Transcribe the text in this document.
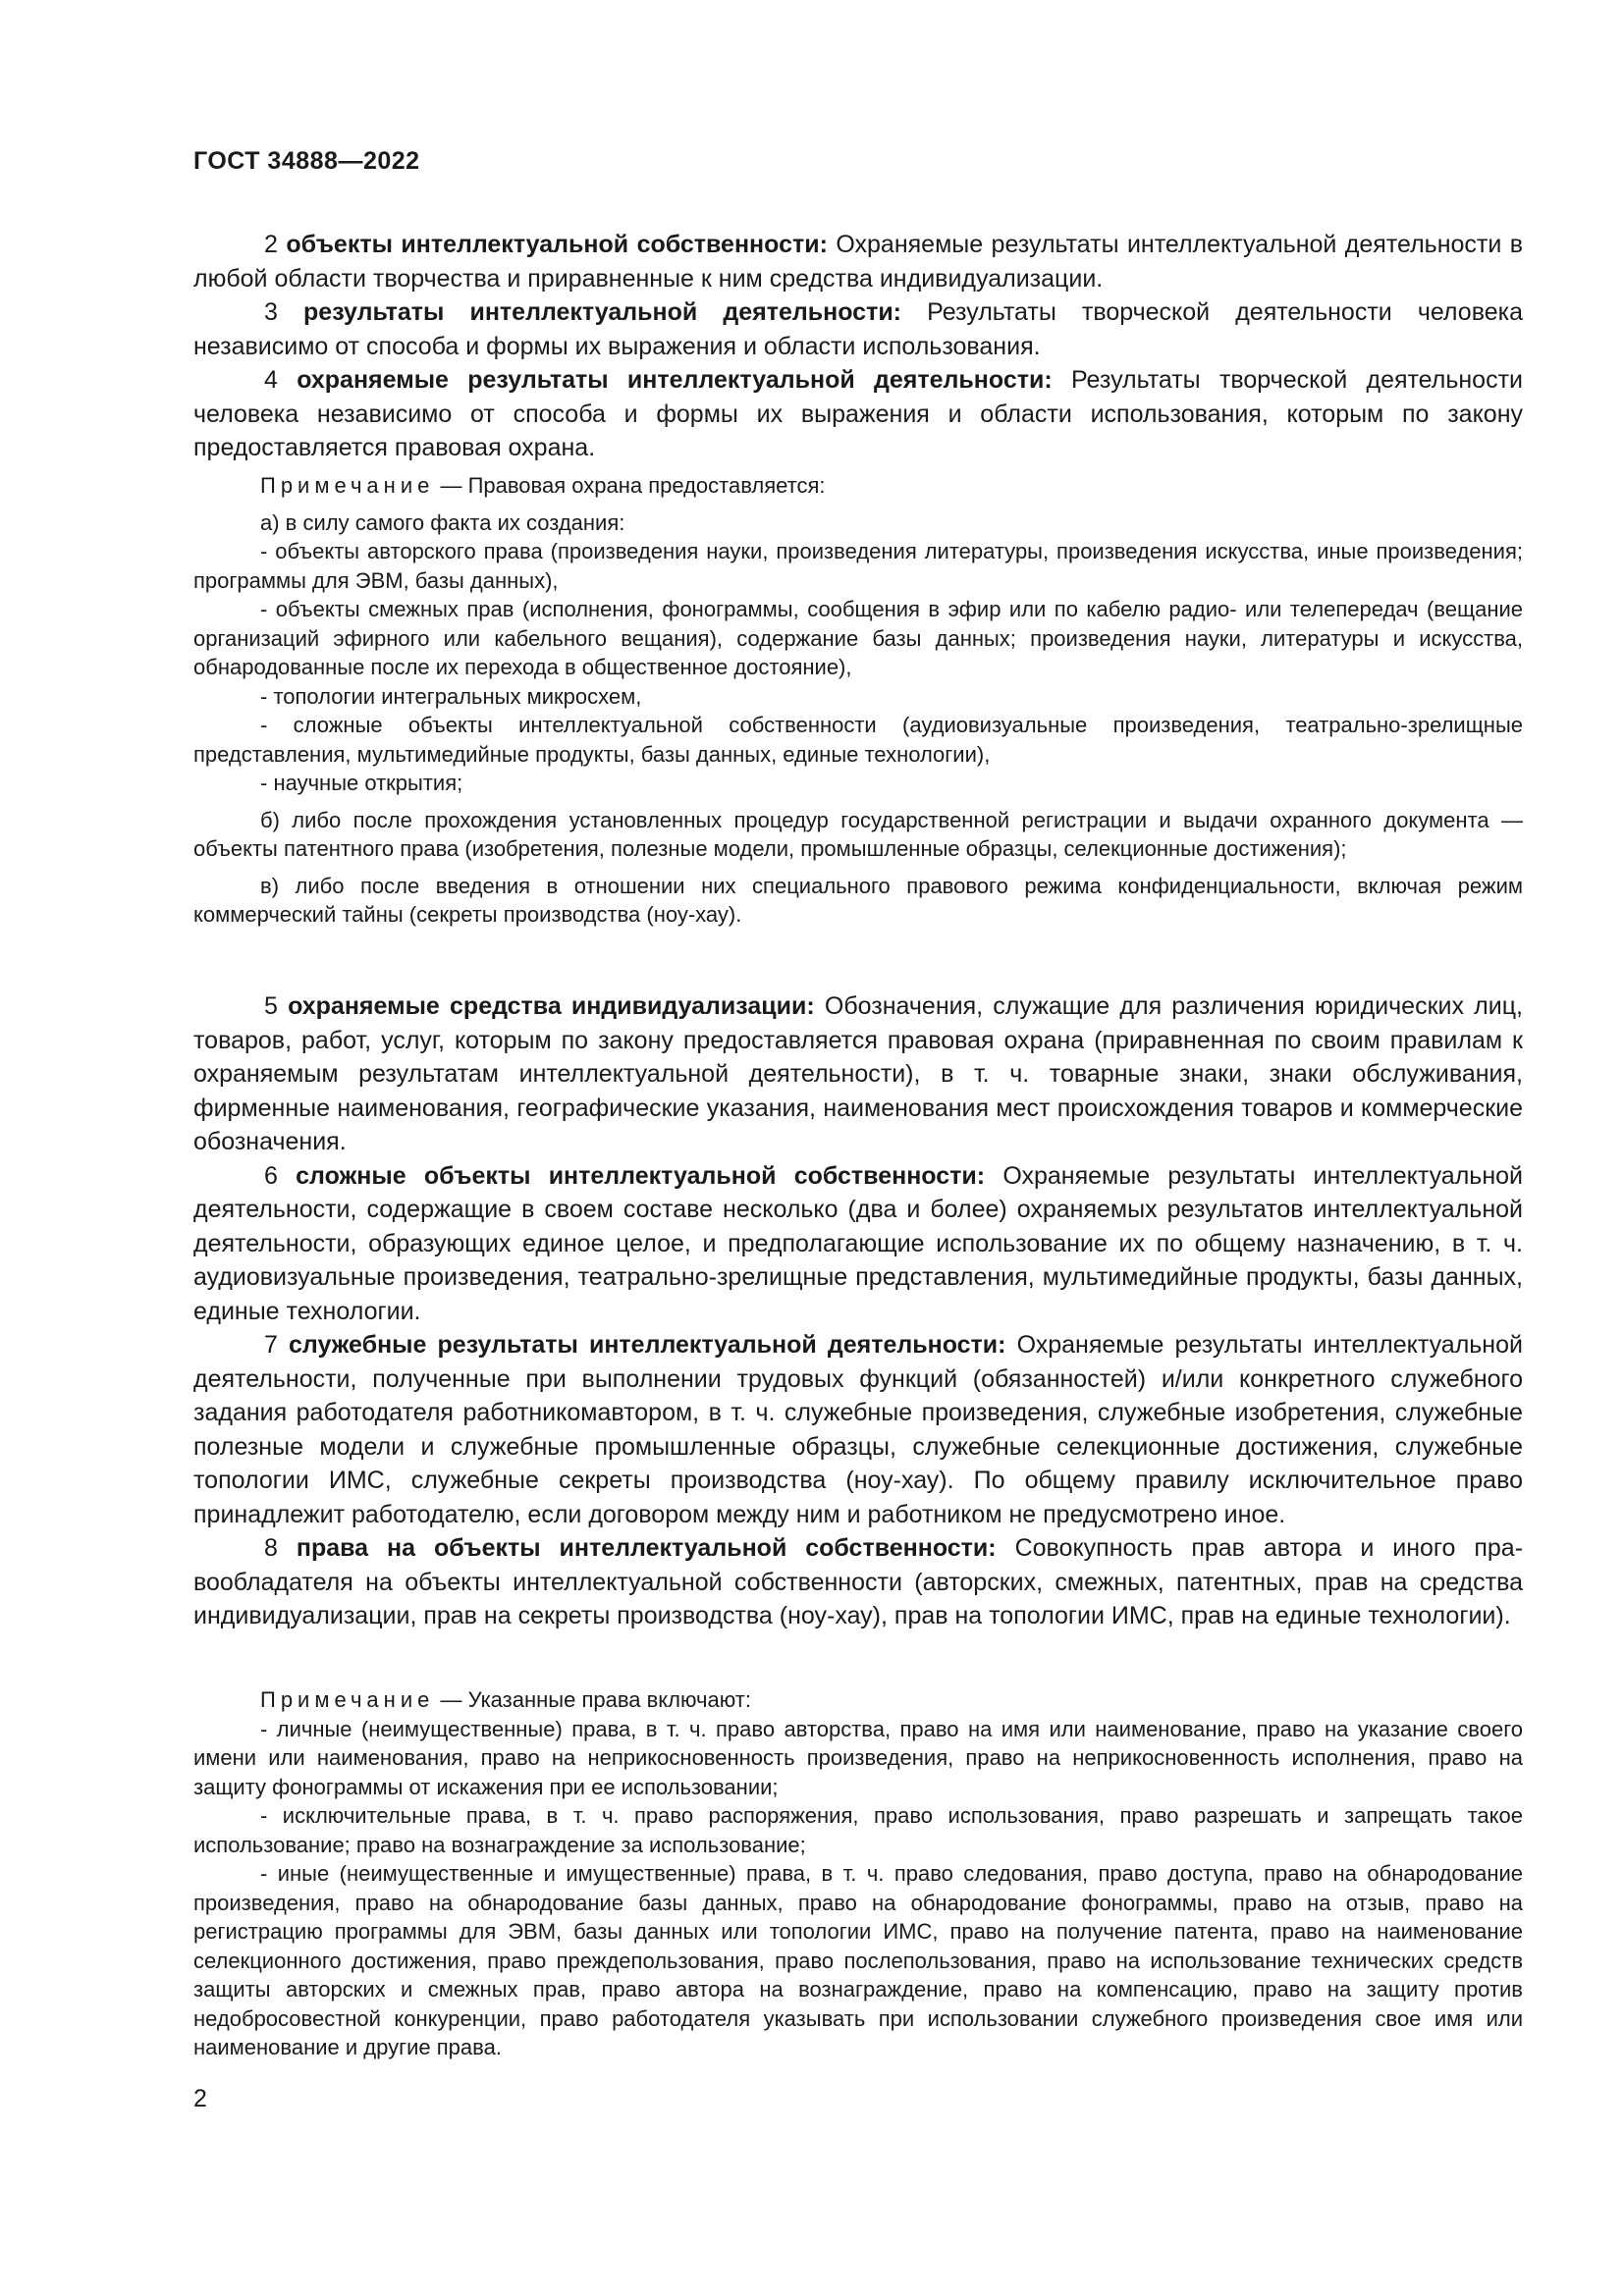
ГОСТ 34888—2022

2 объекты интеллектуальной собственности: Охраняемые результаты интеллектуальной деятельности в любой области творчества и приравненные к ним средства индивидуализации.

3 результаты интеллектуальной деятельности: Результаты творческой деятельности человека независимо от способа и формы их выражения и области использования.

4 охраняемые результаты интеллектуальной деятельности: Результаты творческой деятельности человека независимо от способа и формы их выражения и области использования, которым по закону предоставляется правовая охрана.

Примечание — Правовая охрана предоставляется:

а) в силу самого факта их создания:

- объекты авторского права (произведения науки, произведения литературы, произведения искусства, иные произведения; программы для ЭВМ, базы данных),

- объекты смежных прав (исполнения, фонограммы, сообщения в эфир или по кабелю радио- или телепередач (вещание организаций эфирного или кабельного вещания), содержание базы данных; произведения науки, литературы и искусства, обнародованные после их перехода в общественное достояние),

- топологии интегральных микросхем,

- сложные объекты интеллектуальной собственности (аудиовизуальные произведения, театрально-зрелищные представления, мультимедийные продукты, базы данных, единые технологии),

- научные открытия;

б) либо после прохождения установленных процедур государственной регистрации и выдачи охранного документа — объекты патентного права (изобретения, полезные модели, промышленные образцы, селекционные достижения);

в) либо после введения в отношении них специального правового режима конфиденциальности, включая режим коммерческий тайны (секреты производства (ноу-хау).

5 охраняемые средства индивидуализации: Обозначения, служащие для различения юридических лиц, товаров, работ, услуг, которым по закону предоставляется правовая охрана (приравненная по своим правилам к охраняемым результатам интеллектуальной деятельности), в т. ч. товарные знаки, знаки обслуживания, фирменные наименования, географические указания, наименования мест происхождения товаров и коммерческие обозначения.

6 сложные объекты интеллектуальной собственности: Охраняемые результаты интеллектуальной деятельности, содержащие в своем составе несколько (два и более) охраняемых результатов интеллектуальной деятельности, образующих единое целое, и предполагающие использование их по общему назначению, в т. ч. аудиовизуальные произведения, театрально-зрелищные представления, мультимедийные продукты, базы данных, единые технологии.

7 служебные результаты интеллектуальной деятельности: Охраняемые результаты интеллектуальной деятельности, полученные при выполнении трудовых функций (обязанностей) и/или конкретного служебного задания работодателя работникомавтором, в т. ч. служебные произведения, служебные изобретения, служебные полезные модели и служебные промышленные образцы, служебные селекционные достижения, служебные топологии ИМС, служебные секреты производства (ноу-хау). По общему правилу исключительное право принадлежит работодателю, если договором между ним и работником не предусмотрено иное.

8 права на объекты интеллектуальной собственности: Совокупность прав автора и иного правообладателя на объекты интеллектуальной собственности (авторских, смежных, патентных, прав на средства индивидуализации, прав на секреты производства (ноу-хау), прав на топологии ИМС, прав на единые технологии).

Примечание — Указанные права включают:

- личные (неимущественные) права, в т. ч. право авторства, право на имя или наименование, право на указание своего имени или наименования, право на неприкосновенность произведения, право на неприкосновенность исполнения, право на защиту фонограммы от искажения при ее использовании;

- исключительные права, в т. ч. право распоряжения, право использования, право разрешать и запрещать такое использование; право на вознаграждение за использование;

- иные (неимущественные и имущественные) права, в т. ч. право следования, право доступа, право на обнародование произведения, право на обнародование базы данных, право на обнародование фонограммы, право на отзыв, право на регистрацию программы для ЭВМ, базы данных или топологии ИМС, право на получение патента, право на наименование селекционного достижения, право преждепользования, право послепользования, право на использование технических средств защиты авторских и смежных прав, право автора на вознаграждение, право на компенсацию, право на защиту против недобросовестной конкуренции, право работодателя указывать при использовании служебного произведения свое имя или наименование и другие права.

2
